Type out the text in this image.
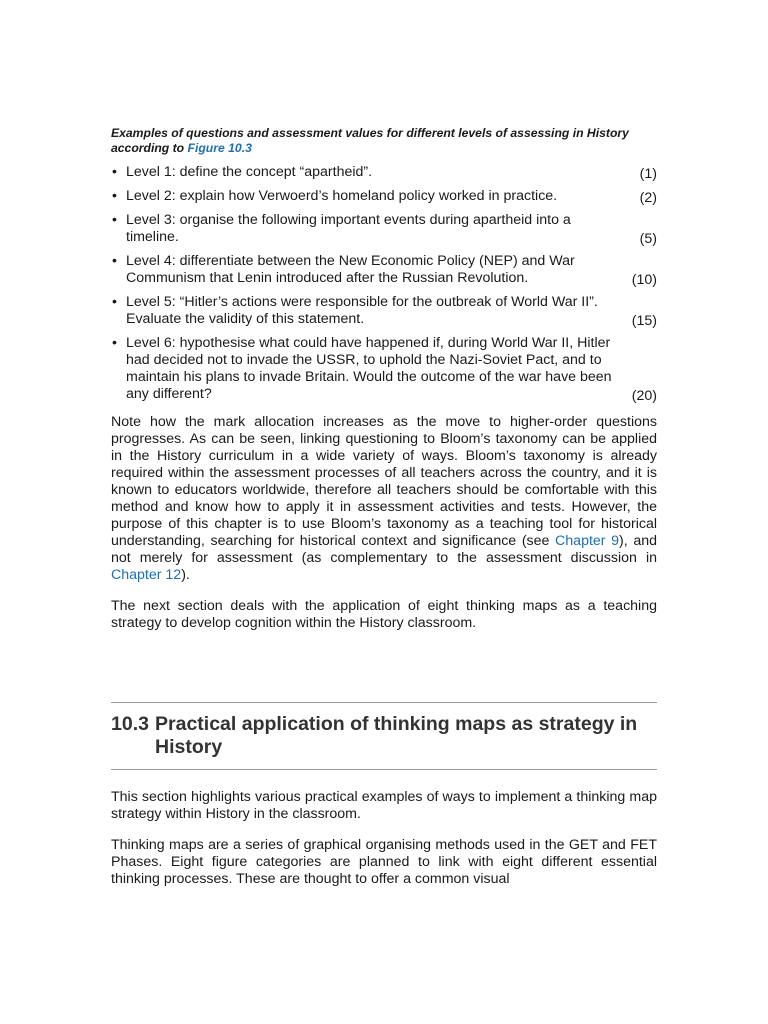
Examples of questions and assessment values for different levels of assessing in History according to Figure 10.3

• Level 1: define the concept “apartheid”.	(1)
• Level 2: explain how Verwoerd’s homeland policy worked in practice.	(2)
• Level 3: organise the following important events during apartheid into a timeline.	(5)
• Level 4: differentiate between the New Economic Policy (NEP) and War Communism that Lenin introduced after the Russian Revolution.	(10)
• Level 5: “Hitler’s actions were responsible for the outbreak of World War II”. Evaluate the validity of this statement.	(15)
• Level 6: hypothesise what could have happened if, during World War II, Hitler had decided not to invade the USSR, to uphold the Nazi-Soviet Pact, and to maintain his plans to invade Britain. Would the outcome of the war have been any different?	(20)

Note how the mark allocation increases as the move to higher-order questions progresses. As can be seen, linking questioning to Bloom’s taxonomy can be applied in the History curriculum in a wide variety of ways. Bloom’s taxonomy is already required within the assessment processes of all teachers across the country, and it is known to educators worldwide, therefore all teachers should be comfortable with this method and know how to apply it in assessment activities and tests. However, the purpose of this chapter is to use Bloom’s taxonomy as a teaching tool for historical understanding, searching for historical context and significance (see Chapter 9), and not merely for assessment (as complementary to the assessment discussion in Chapter 12).

The next section deals with the application of eight thinking maps as a teaching strategy to develop cognition within the History classroom.

10.3 Practical application of thinking maps as strategy in History

This section highlights various practical examples of ways to implement a thinking map strategy within History in the classroom.

Thinking maps are a series of graphical organising methods used in the GET and FET Phases. Eight figure categories are planned to link with eight different essential thinking processes. These are thought to offer a common visual
